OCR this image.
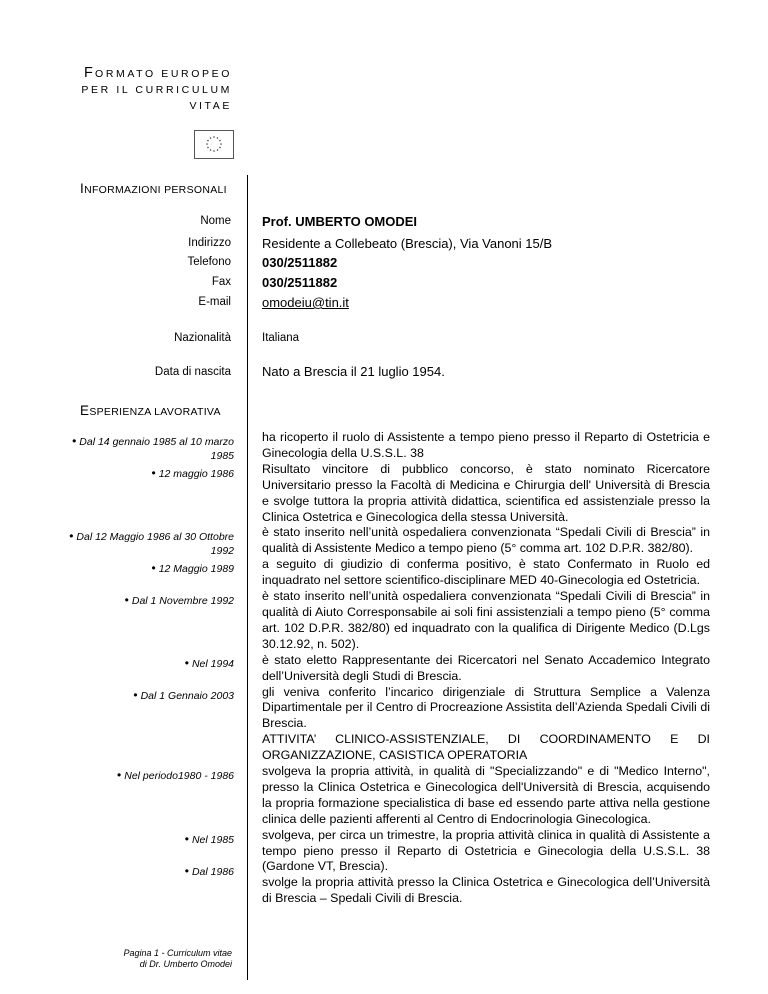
FORMATO EUROPEO
PER IL CURRICULUM
VITAE
INFORMAZIONI PERSONALI
Nome Prof. UMBERTO OMODEI
Indirizzo Residente a Collebeato (Brescia), Via Vanoni 15/B
Telefono 030/2511882
Fax 030/2511882
E-mail omodeiu@tin.it
Nazionalità	Italiana
Data di nascita Nato a Brescia il 21 luglio 1954.
ESPERIENZA LAVORATIVA
• Dal 14 gennaio 1985 al 10 marzo 1985
• 12 maggio 1986
• Dal 12 Maggio 1986 al 30 Ottobre 1992
• 12 Maggio 1989
• Dal 1 Novembre 1992
• Nel 1994
• Dal 1 Gennaio 2003
• Nel periodo1980 - 1986
• Nel 1985
• Dal 1986

ha ricoperto il ruolo di Assistente a tempo pieno presso il Reparto di Ostetricia e Ginecologia della U.S.S.L. 38

Risultato vincitore di pubblico concorso, è stato nominato Ricercatore Universitario presso la Facoltà di Medicina e Chirurgia dell' Università di Brescia e svolge tuttora la propria attività didattica, scientifica ed assistenziale presso la Clinica Ostetrica e Ginecologica della stessa Università.

è stato inserito nell’unità ospedaliera convenzionata “Spedali Civili di Brescia” in qualità di Assistente Medico a tempo pieno (5° comma art. 102 D.P.R. 382/80).

a seguito di giudizio di conferma positivo, è stato Confermato in Ruolo ed inquadrato nel settore scientifico-disciplinare MED 40-Ginecologia ed Ostetricia.

è stato inserito nell’unità ospedaliera convenzionata “Spedali Civili di Brescia” in qualità di Aiuto Corresponsabile ai soli fini assistenziali a tempo pieno (5° comma art. 102 D.P.R. 382/80) ed inquadrato con la qualifica di Dirigente Medico (D.Lgs 30.12.92, n. 502).

è stato eletto Rappresentante dei Ricercatori nel Senato Accademico Integrato dell’Università degli Studi di Brescia.

gli veniva conferito l’incarico dirigenziale di Struttura Semplice a Valenza Dipartimentale per il Centro di Procreazione Assistita dell’Azienda Spedali Civili di Brescia.

ATTIVITA’ CLINICO-ASSISTENZIALE, DI COORDINAMENTO E DI

ORGANIZZAZIONE, CASISTICA OPERATORIA

svolgeva la propria attività, in qualità di "Specializzando" e di "Medico Interno", presso la Clinica Ostetrica e Ginecologica dell'Università di Brescia, acquisendo la propria formazione specialistica di base ed essendo parte attiva nella gestione clinica delle pazienti afferenti al Centro di Endocrinologia Ginecologica.

svolgeva, per circa un trimestre, la propria attività clinica in qualità di Assistente a tempo pieno presso il Reparto di Ostetricia e Ginecologia della U.S.S.L. 38 (Gardone VT, Brescia).

svolge la propria attività presso la Clinica Ostetrica e Ginecologica dell’Università di Brescia – Spedali Civili di Brescia.

Pagina 1 - Curriculum vitae
di Dr. Umberto Omodei
